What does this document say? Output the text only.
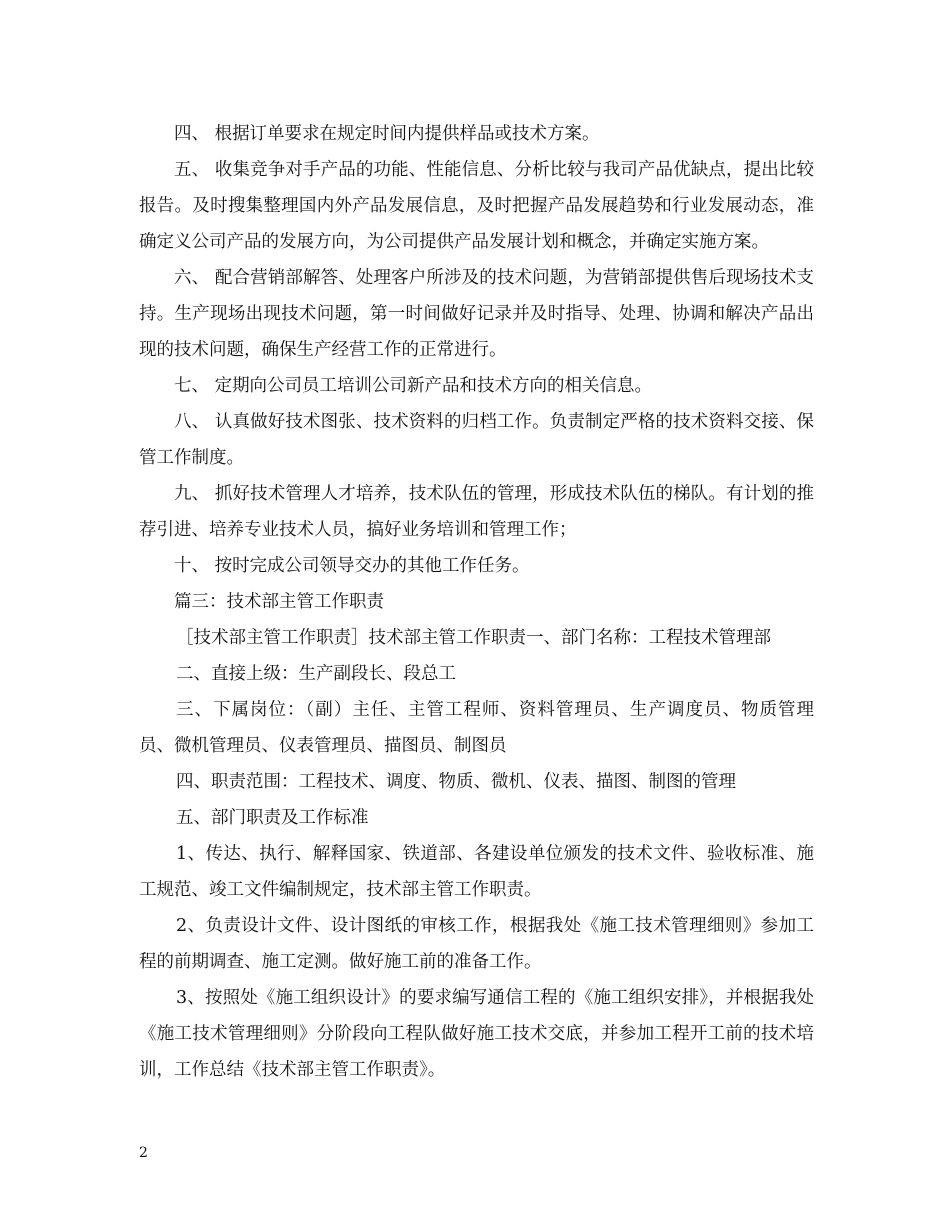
四、 根据订单要求在规定时间内提供样品或技术方案。

五、 收集竞争对手产品的功能、性能信息、分析比较与我司产品优缺点，提出比较报告。及时搜集整理国内外产品发展信息，及时把握产品发展趋势和行业发展动态，准确定义公司产品的发展方向，为公司提供产品发展计划和概念，并确定实施方案。

六、 配合营销部解答、处理客户所涉及的技术问题，为营销部提供售后现场技术支持。生产现场出现技术问题，第一时间做好记录并及时指导、处理、协调和解决产品出现的技术问题，确保生产经营工作的正常进行。

七、 定期向公司员工培训公司新产品和技术方向的相关信息。

八、 认真做好技术图张、技术资料的归档工作。负责制定严格的技术资料交接、保管工作制度。

九、 抓好技术管理人才培养，技术队伍的管理，形成技术队伍的梯队。有计划的推荐引进、培养专业技术人员，搞好业务培训和管理工作；

十、 按时完成公司领导交办的其他工作任务。

篇三：技术部主管工作职责

［技术部主管工作职责］技术部主管工作职责一、部门名称：工程技术管理部

二、直接上级：生产副段长、段总工

三、下属岗位：（副）主任、主管工程师、资料管理员、生产调度员、物质管理员、微机管理员、仪表管理员、描图员、制图员

四、职责范围：工程技术、调度、物质、微机、仪表、描图、制图的管理

五、部门职责及工作标准

1、传达、执行、解释国家、铁道部、各建设单位颁发的技术文件、验收标准、施工规范、竣工文件编制规定，技术部主管工作职责。

2、负责设计文件、设计图纸的审核工作，根据我处《施工技术管理细则》参加工程的前期调查、施工定测。做好施工前的准备工作。

3、按照处《施工组织设计》的要求编写通信工程的《施工组织安排》，并根据我处《施工技术管理细则》分阶段向工程队做好施工技术交底，并参加工程开工前的技术培训，工作总结《技术部主管工作职责》。

2
